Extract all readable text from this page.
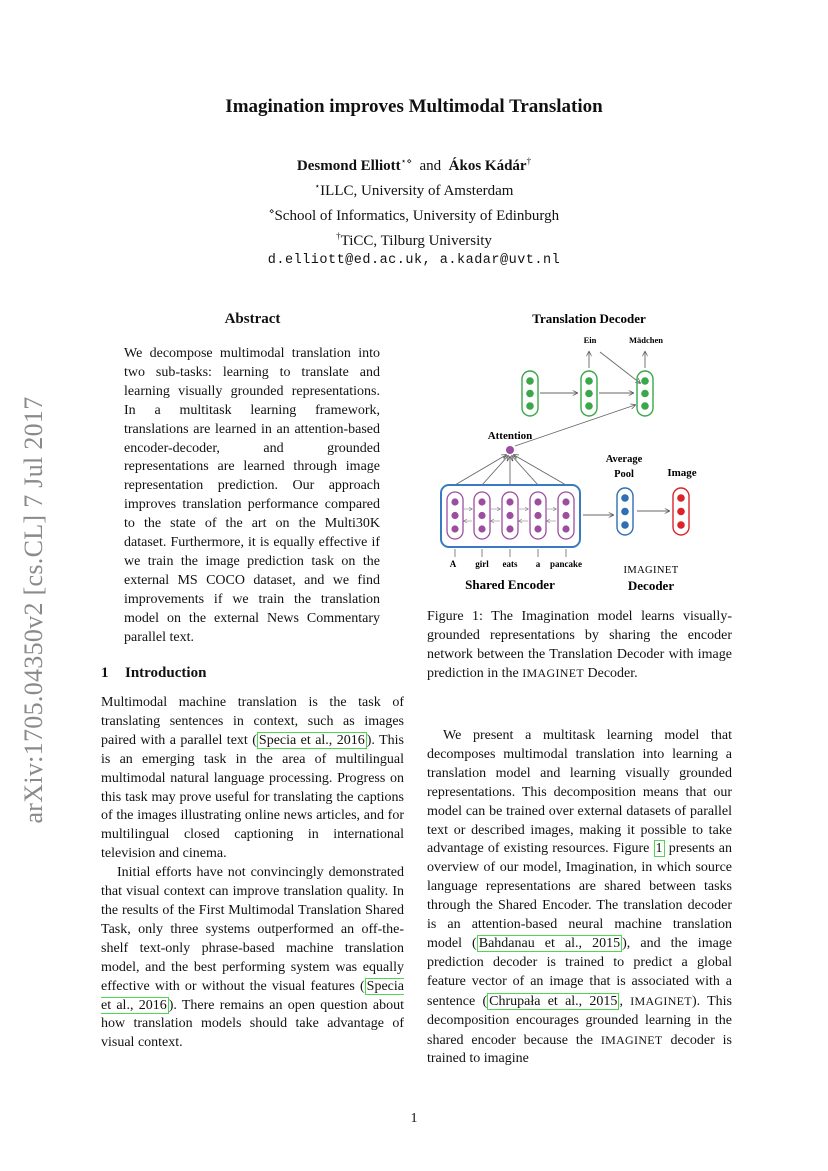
arXiv:1705.04350v2 [cs.CL] 7 Jul 2017
Imagination improves Multimodal Translation
Desmond Elliott⋆⋄ and Ákos Kádár†
⋆ILLC, University of Amsterdam
⋄School of Informatics, University of Edinburgh
†TiCC, Tilburg University
d.elliott@ed.ac.uk, a.kadar@uvt.nl
Abstract
We decompose multimodal translation into two sub-tasks: learning to translate and learning visually grounded representations. In a multitask learning framework, translations are learned in an attention-based encoder-decoder, and grounded representations are learned through image representation prediction. Our approach improves translation performance compared to the state of the art on the Multi30K dataset. Furthermore, it is equally effective if we train the image prediction task on the external MS COCO dataset, and we find improvements if we train the translation model on the external News Commentary parallel text.
1 Introduction

Multimodal machine translation is the task of translating sentences in context, such as images paired with a parallel text ( Specia et al., 2016 ). This is an emerging task in the area of multilingual multimodal natural language processing. Progress on this task may prove useful for translating the captions of the images illustrating online news articles, and for multilingual closed captioning in international television and cinema.

Initial efforts have not convincingly demonstrated that visual context can improve translation quality. In the results of the First Multimodal Translation Shared Task, only three systems outperformed an off-the-shelf text-only phrase-based machine translation model, and the best performing system was equally effective with or without the visual features ( Specia et al., 2016 ). There remains an open question about how translation models should take advantage of visual context.

Translation Decoder
Ein	Mädchen
Attention
Average
Pool	Image
A girl eats a pancake
Shared Encoder
IMAGINET
Decoder
Figure 1: The Imagination model learns visually-grounded representations by sharing the encoder network between the Translation Decoder with image prediction in the IMAGINET Decoder.

We present a multitask learning model that decomposes multimodal translation into learning a translation model and learning visually grounded representations. This decomposition means that our model can be trained over external datasets of parallel text or described images, making it possible to take advantage of existing resources. Figure 1 presents an overview of our model, Imagination, in which source language representations are shared between tasks through the Shared Encoder. The translation decoder is an attention-based neural machine translation model ( Bahdanau et al., 2015 ), and the image prediction decoder is trained to predict a global feature vector of an image that is associated with a sentence ( Chrupała et al., 2015 , IMAGINET). This decomposition encourages grounded learning in the shared encoder because the IMAGINET decoder is trained to imagine

1
